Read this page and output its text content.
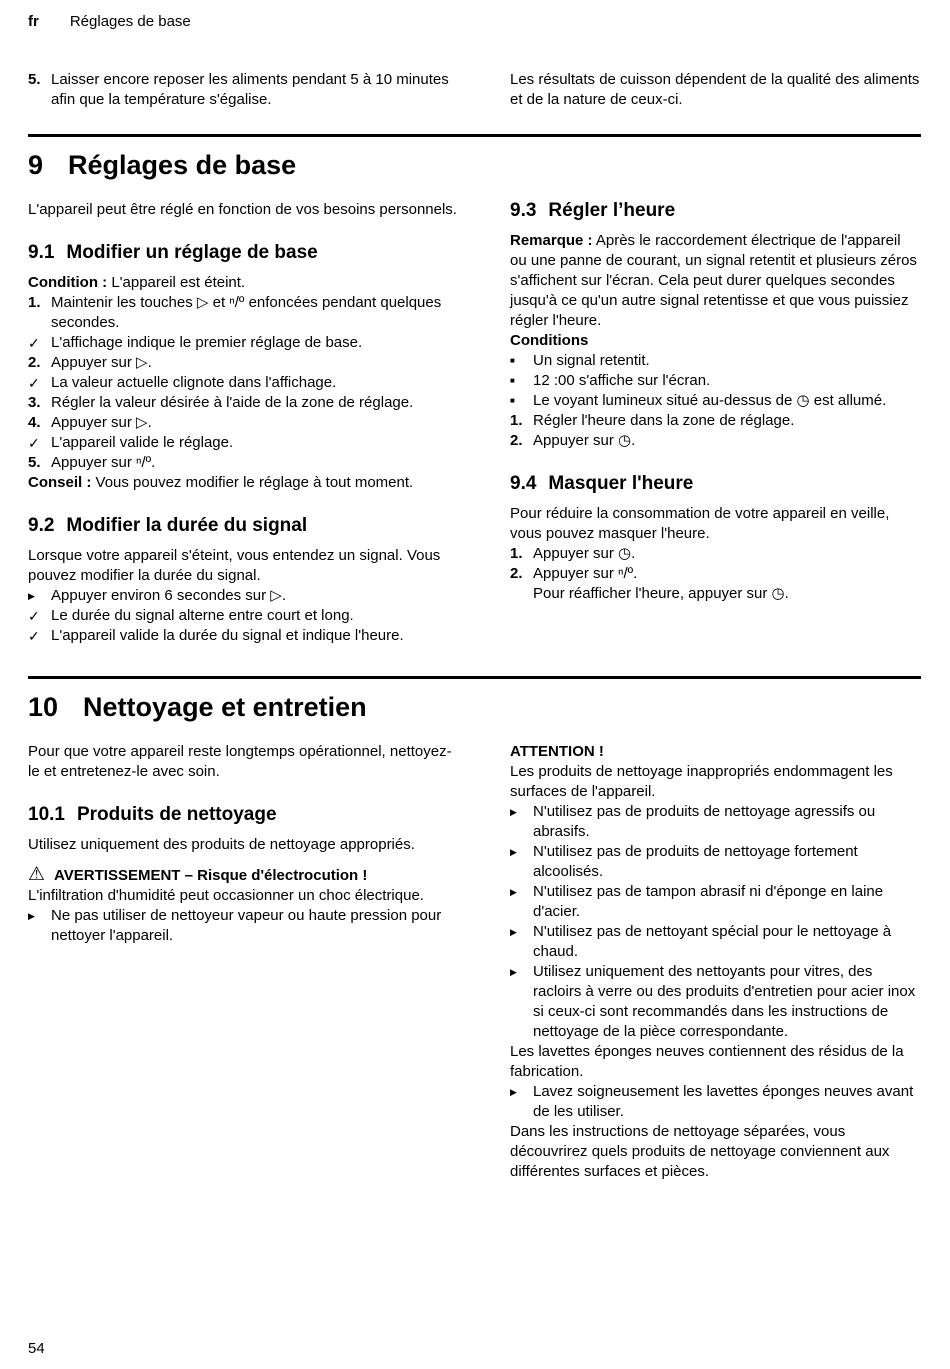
fr Réglages de base
5. Laisser encore reposer les aliments pendant 5 à 10 minutes afin que la température s'égalise.

Les résultats de cuisson dépendent de la qualité des aliments et de la nature de ceux-ci.

9 Réglages de base

L'appareil peut être réglé en fonction de vos besoins personnels.

9.1 Modifier un réglage de base

Condition : L'appareil est éteint.

1. Maintenir les touches ▷ et ⁿ/º enfoncées pendant quelques secondes.
✓ L'affichage indique le premier réglage de base.
2. Appuyer sur ▷.
✓ La valeur actuelle clignote dans l'affichage.
3. Régler la valeur désirée à l'aide de la zone de réglage.
4. Appuyer sur ▷.
✓ L'appareil valide le réglage.
5. Appuyer sur ⁿ/º.

Conseil : Vous pouvez modifier le réglage à tout moment.

9.2 Modifier la durée du signal

Lorsque votre appareil s'éteint, vous entendez un signal. Vous pouvez modifier la durée du signal.

▶	Appuyer environ 6 secondes sur ▷.
✓ Le durée du signal alterne entre court et long.
✓ L'appareil valide la durée du signal et indique l'heure.
9.3 Régler l’heure

Remarque : Après le raccordement électrique de l'appareil ou une panne de courant, un signal retentit et plusieurs zéros s'affichent sur l'écran. Cela peut durer quelques secondes jusqu'à ce qu'un autre signal retentisse et que vous puissiez régler l'heure.

Conditions

■	Un signal retentit.
■	12 :00 s'affiche sur l'écran.
■	Le voyant lumineux situé au-dessus de ◷ est allumé.
1. Régler l'heure dans la zone de réglage.
2. Appuyer sur ◷.
9.4 Masquer l'heure

Pour réduire la consommation de votre appareil en veille, vous pouvez masquer l'heure.

1. Appuyer sur ◷.
2. Appuyer sur ⁿ/º.
Pour réafficher l'heure, appuyer sur ◷.
10 Nettoyage et entretien

Pour que votre appareil reste longtemps opérationnel, nettoyez-le et entretenez-le avec soin.

10.1 Produits de nettoyage

Utilisez uniquement des produits de nettoyage appropriés.

⚠ AVERTISSEMENT – Risque d'électrocution !

L'infiltration d'humidité peut occasionner un choc électrique.

▶	Ne pas utiliser de nettoyeur vapeur ou haute pression pour nettoyer l'appareil.

ATTENTION !

Les produits de nettoyage inappropriés endommagent les surfaces de l'appareil.

▶	N'utilisez pas de produits de nettoyage agressifs ou abrasifs.
▶	N'utilisez pas de produits de nettoyage fortement alcoolisés.
▶	N'utilisez pas de tampon abrasif ni d'éponge en laine d'acier.
▶	N'utilisez pas de nettoyant spécial pour le nettoyage à chaud.
▶	Utilisez uniquement des nettoyants pour vitres, des racloirs à verre ou des produits d'entretien pour acier inox si ceux-ci sont recommandés dans les instructions de nettoyage de la pièce correspondante.

Les lavettes éponges neuves contiennent des résidus de la fabrication.

▶	Lavez soigneusement les lavettes éponges neuves avant de les utiliser.

Dans les instructions de nettoyage séparées, vous découvrirez quels produits de nettoyage conviennent aux différentes surfaces et pièces.

54
